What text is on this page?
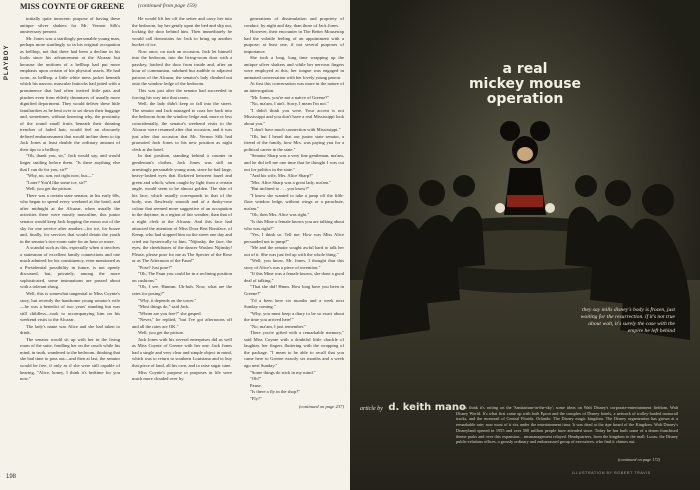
MISS COYNTE OF GREENE (continued from page 159)
PLAYBOY

initially quite innocent: purpose of having these antique silver shakers for Mr. Vernon Silk's anniversary present.

Mr. Jones was a startlingly personable young man, perhaps more startlingly so in his original occupation as bellhop, not that there had been a decline in his looks since his advancement at the Alcazar but because the uniform of a bellhop had put more emphasis upon certain of his physical assets. He had worn, as bellhop, a little white mess jacket beneath which his narrow, muscular buttocks had jutted with a prominence that had often invited little pats and pinches even from elderly drummers of usually more dignified deportment. They would deliver these little familiarities as he bent over to set down their baggage and, sometimes, without knowing why, the proximity of the round small fruits beneath their thinning trenches of faded hair, would feel an obscurely defined embarrassment that would incline them to tip Jack Jones at least double the ordinary amount of their tips to a bellboy.

"Oh, thank you, sir," Jack would say, and would linger smiling before them. "Is there anything else that I can do for you, sir?"

"Why, no, son, not right now, but—"

"Later? You'd like some ice, sir?"

Well, you get the picture.

There was a certain state senator, in his early 60s, who began to spend every weekend at the hotel, and after midnight at the Alcazar, when usually the activities there were mostly masculine, this junior senator would keep Jack hopping the moon out of the sky for one service after another—for ice, for booze and, finally, for services that would detain the youth in the senator's two-room suite for an hour or more.

A scandal such as this, especially when it involves a statesman of excellent family connections and one much admired for his constituency, even mentioned as a Presidential possibility in future, is not openly discussed, but, privately, among the more sophisticated, some insinuations are passed about with a tolerant shrug.

Well, this is somewhat tangential to Miss Coynte's story, but recently the handsome young senator's wife—he was a benedict of two years' standing but was still childless—took to accompanying him on his weekend visits to the Alcazar.

The lady's name was Alice and she had taken to drink.

The senator would sit up with her in the living room of the suite, fondling her on the couch while his mind, in truth, wandered to the bedroom, thinking that she had time to pass out—and then at last, the senator would be free, if only as if she were still capable of hearing, "Alice, honey, I think it's bedtime for you now."

He would lift her off the settee and carry her into the bedroom, lay her gently upon the bed and slip out, locking the door behind him. Then immediately he would call downstairs for Jack to bring up another bucket of ice.

Now once, on such an occasion, Jack let himself into the bedroom, into the living-room door with a passkey, latched the door from inside and, after an hour of communion, subdued but audible to adjacent patrons of the Alcazar, the senator's lady climbed out onto the window ledge of the bedroom.

This was just after the senator had succeeded in forcing his way into that room.

Well, the lady didn't keep or fall into the street. The senator and Jack managed to coax her back into the bedroom from the window ledge and, more or less coincidentally, the senator's weekend visits to the Alcazar were resumed after that occasion, and it was just after that occasion that Mr. Vernon Silk had promoted Jack Jones to his new position as night clerk at the hotel.

In that position, standing behind a counter in gentleman's clothes, Jack Jones was still an arrestingly personable young man, since he had large, heavy-lashed eyes that flickered between hazel and green and which, when caught by light from a certain angle, would seem to be almost golden. The skin of his face, which usually corresponds to that of the body, was flawlessly smooth and of a dusky-rose colour that seemed more suggestive of an occupation in the daytime, in a region of fair weather, than that of a night clerk at the Alcazar. And this face had attracted the attention of Miss Dora Bert Boniface, of Kemp, who had stopped him on the street one day and cried out hysterically to him, "Nijinsky, the face, the eyes, the cheekbones of the dancer Waslaw Nijinsky! Please, please pose for me as The Specter of the Rose or as The Afternoon of the Faun!"

"Pose? Just pose?"

"Oh, The Faun you could be in a reclining position on cushions."

"Oh, I see. Hmmm. Uh-huh. Now, what are the rates for posing?"

"Why, it depends on the tower."

"Most things do," said Jack.

"Whom are you free?" she gasped.

"Never," he replied, "but I've got afternoons off and all the rates are OK."

Well, you get the picture.

Jack Jones with his several enterprises did as well as Miss Coynte of Greene with her one: Jack Jones had a single and very clear and simple object in mind, which was to return to southern Louisiana and to buy that piece of land, all his own, and to raise sugar cane.

Miss Coynte's purpose or purposes in life were much more clouded over by

generations of dissimulation and propriety of conduct, by night and day, than those of Jack Jones.

However, their encounter in The Better Mousetrap had the volatile feeling of an appointment with a purpose; at least one, if not several purposes of importance.

She took a long, long time wrapping up the antique silver shakers and while her nervous fingers were employed at this, her tongue was engaged in animated conversation with her lovely young patron.

At first this conversation was more in the nature of an interrogation.

"Mr. Jones, you're not a native of Greene?"

"No, ma'am, I ain't. Sorry, I mean I'm not."

"I didn't think you were. Your accent is not Mississippi and you don't have a real Mississippi look about you."

"I don't have much connection with Mississippi."

"Oh, but I heard that our junior state senator, a friend of the family, how Mrs. was paying you for a political career in the state."

"Senator Sharp was a very fine gentleman, ma'am, and he did tell me one time that he thought I was cut out for politics in the state."

"And his wife, Mrs. Alice Sharp?"

"Mrs. Alice Sharp was a great lady, ma'am."

"But inclined to . . . you know?"

"I know she wanted to take a jump off the fifth-floor window ledge, without wings or a parachute, ma'am."

"Oh, then Mrs. Alice was right."

"Is this Mine a female knows you are talking about who was right?"

"Yes, I think so. Tell me: How was Miss Alice persuaded not to jump?"

"Me and the senator sought awful hard to talk her out of it. She was just fed up with the whole thing."

"Well, you know, Mr. Jones, I thought that this story of Alice's was a piece of invention."

"If this Mine was a female knows, she done a good deal of talking."

"That she did! Hmm. How long have you been in Greene?"

"I'd a been here six months and a week next Sunday coming."

"Why, you must keep a diary to be so exact about the time you arrived here!"

"No, ma'am, I just remember."

There you're gifted with a remarkable memory," said Miss Coynte with a doubtful little chuckle of laughter, her fingers fluttering with the wrapping of the package. "I mean to be able to recall that you came here to Greene exactly six months and a week ago next Sunday."

"Some things do stick in my mind."

"Oh?"

Pause.

"Is there a fly in the shop?"

"Fly?"

(continued on page 237)

198
a real
mickey mouse
operation
they say mills disney's body is frozen, just waiting for the resurrection. if it's not true about walt, it's surely the case with the empire he left behind
article by d. keith mano
A few think it's rotting on the 'Sanitarium-in-the-sky'; some ideas on Walt Disney's corporate-entertainment fiefdom, Walt Disney World. It's what first came up with both Epcot and the complex of Disney hotels, a network of trolley-loaded monorail tracks, and the monorail of Central Florida. Orlando: The Disney magic kingdom. The Disney organization has grown at a remarkable rate; now most of it sits under the entertainment tiara. It was dead at the ripe hoard of the Kingdom. Walt Disney's Disneyland opened in 1955 and over 500 million people have attended since. Today he has built some of a dozen franchised theme parks and over this expansion... mismanagement relayed. Headquarters, from the kingdom to the mall. Lucas, the Disney public-relations offices, a grossly ordinary and embarrassed group of executives, who find it chimes out.
(continued on page 172)
ILLUSTRATION BY ROBERT TRAVIS
